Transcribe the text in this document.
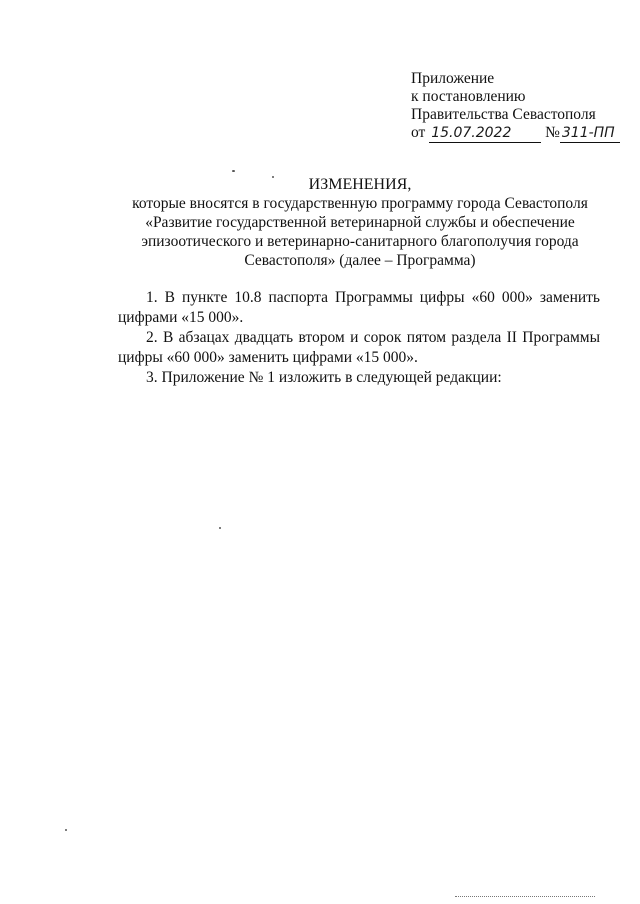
Приложение
к постановлению
Правительства Севастополя
от 15.07.2022 № 311-ПП
ИЗМЕНЕНИЯ,
которые вносятся в государственную программу города Севастополя
«Развитие государственной ветеринарной службы и обеспечение
эпизоотического и ветеринарно-санитарного благополучия города
Севастополя» (далее – Программа)

1. В пункте 10.8 паспорта Программы цифры «60 000» заменить цифрами «15 000».

2. В абзацах двадцать втором и сорок пятом раздела II Программы цифры «60 000» заменить цифрами «15 000».

3. Приложение № 1 изложить в следующей редакции:
